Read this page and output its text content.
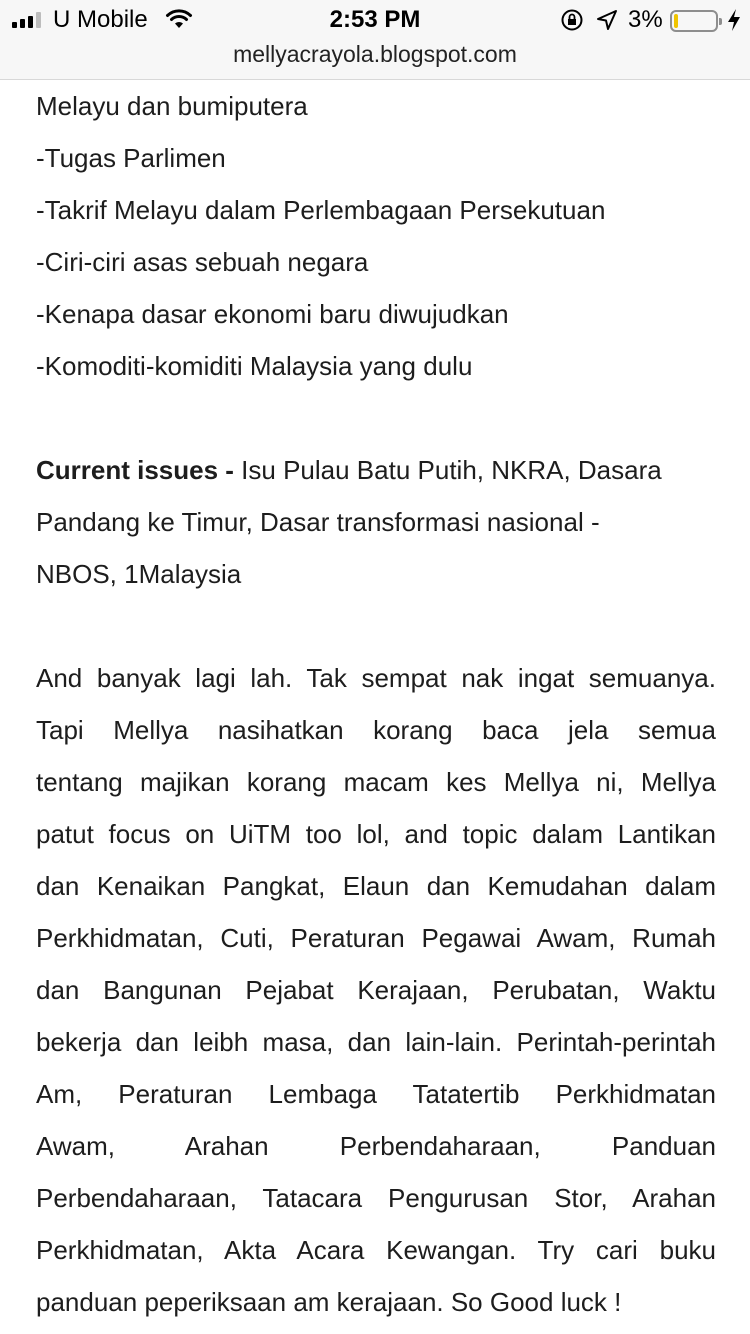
U Mobile	2:53 PM	3%
mellyacrayola.blogspot.com
Melayu dan bumiputera
-Tugas Parlimen
-Takrif Melayu dalam Perlembagaan Persekutuan
-Ciri-ciri asas sebuah negara
-Kenapa dasar ekonomi baru diwujudkan
-Komoditi-komiditi Malaysia yang dulu
Current issues - Isu Pulau Batu Putih, NKRA, Dasara
Pandang ke Timur, Dasar transformasi nasional -
NBOS, 1Malaysia
And banyak lagi lah. Tak sempat nak ingat semuanya.
Tapi Mellya nasihatkan korang baca jela semua
tentang majikan korang macam kes Mellya ni, Mellya
patut focus on UiTM too lol, and topic dalam Lantikan
dan Kenaikan Pangkat, Elaun dan Kemudahan dalam
Perkhidmatan, Cuti, Peraturan Pegawai Awam, Rumah
dan Bangunan Pejabat Kerajaan, Perubatan, Waktu
bekerja dan leibh masa, dan lain-lain. Perintah-perintah
Am, Peraturan Lembaga Tatatertib Perkhidmatan
Awam, Arahan Perbendaharaan, Panduan
Perbendaharaan, Tatacara Pengurusan Stor, Arahan
Perkhidmatan, Akta Acara Kewangan. Try cari buku
panduan peperiksaan am kerajaan. So Good luck !
